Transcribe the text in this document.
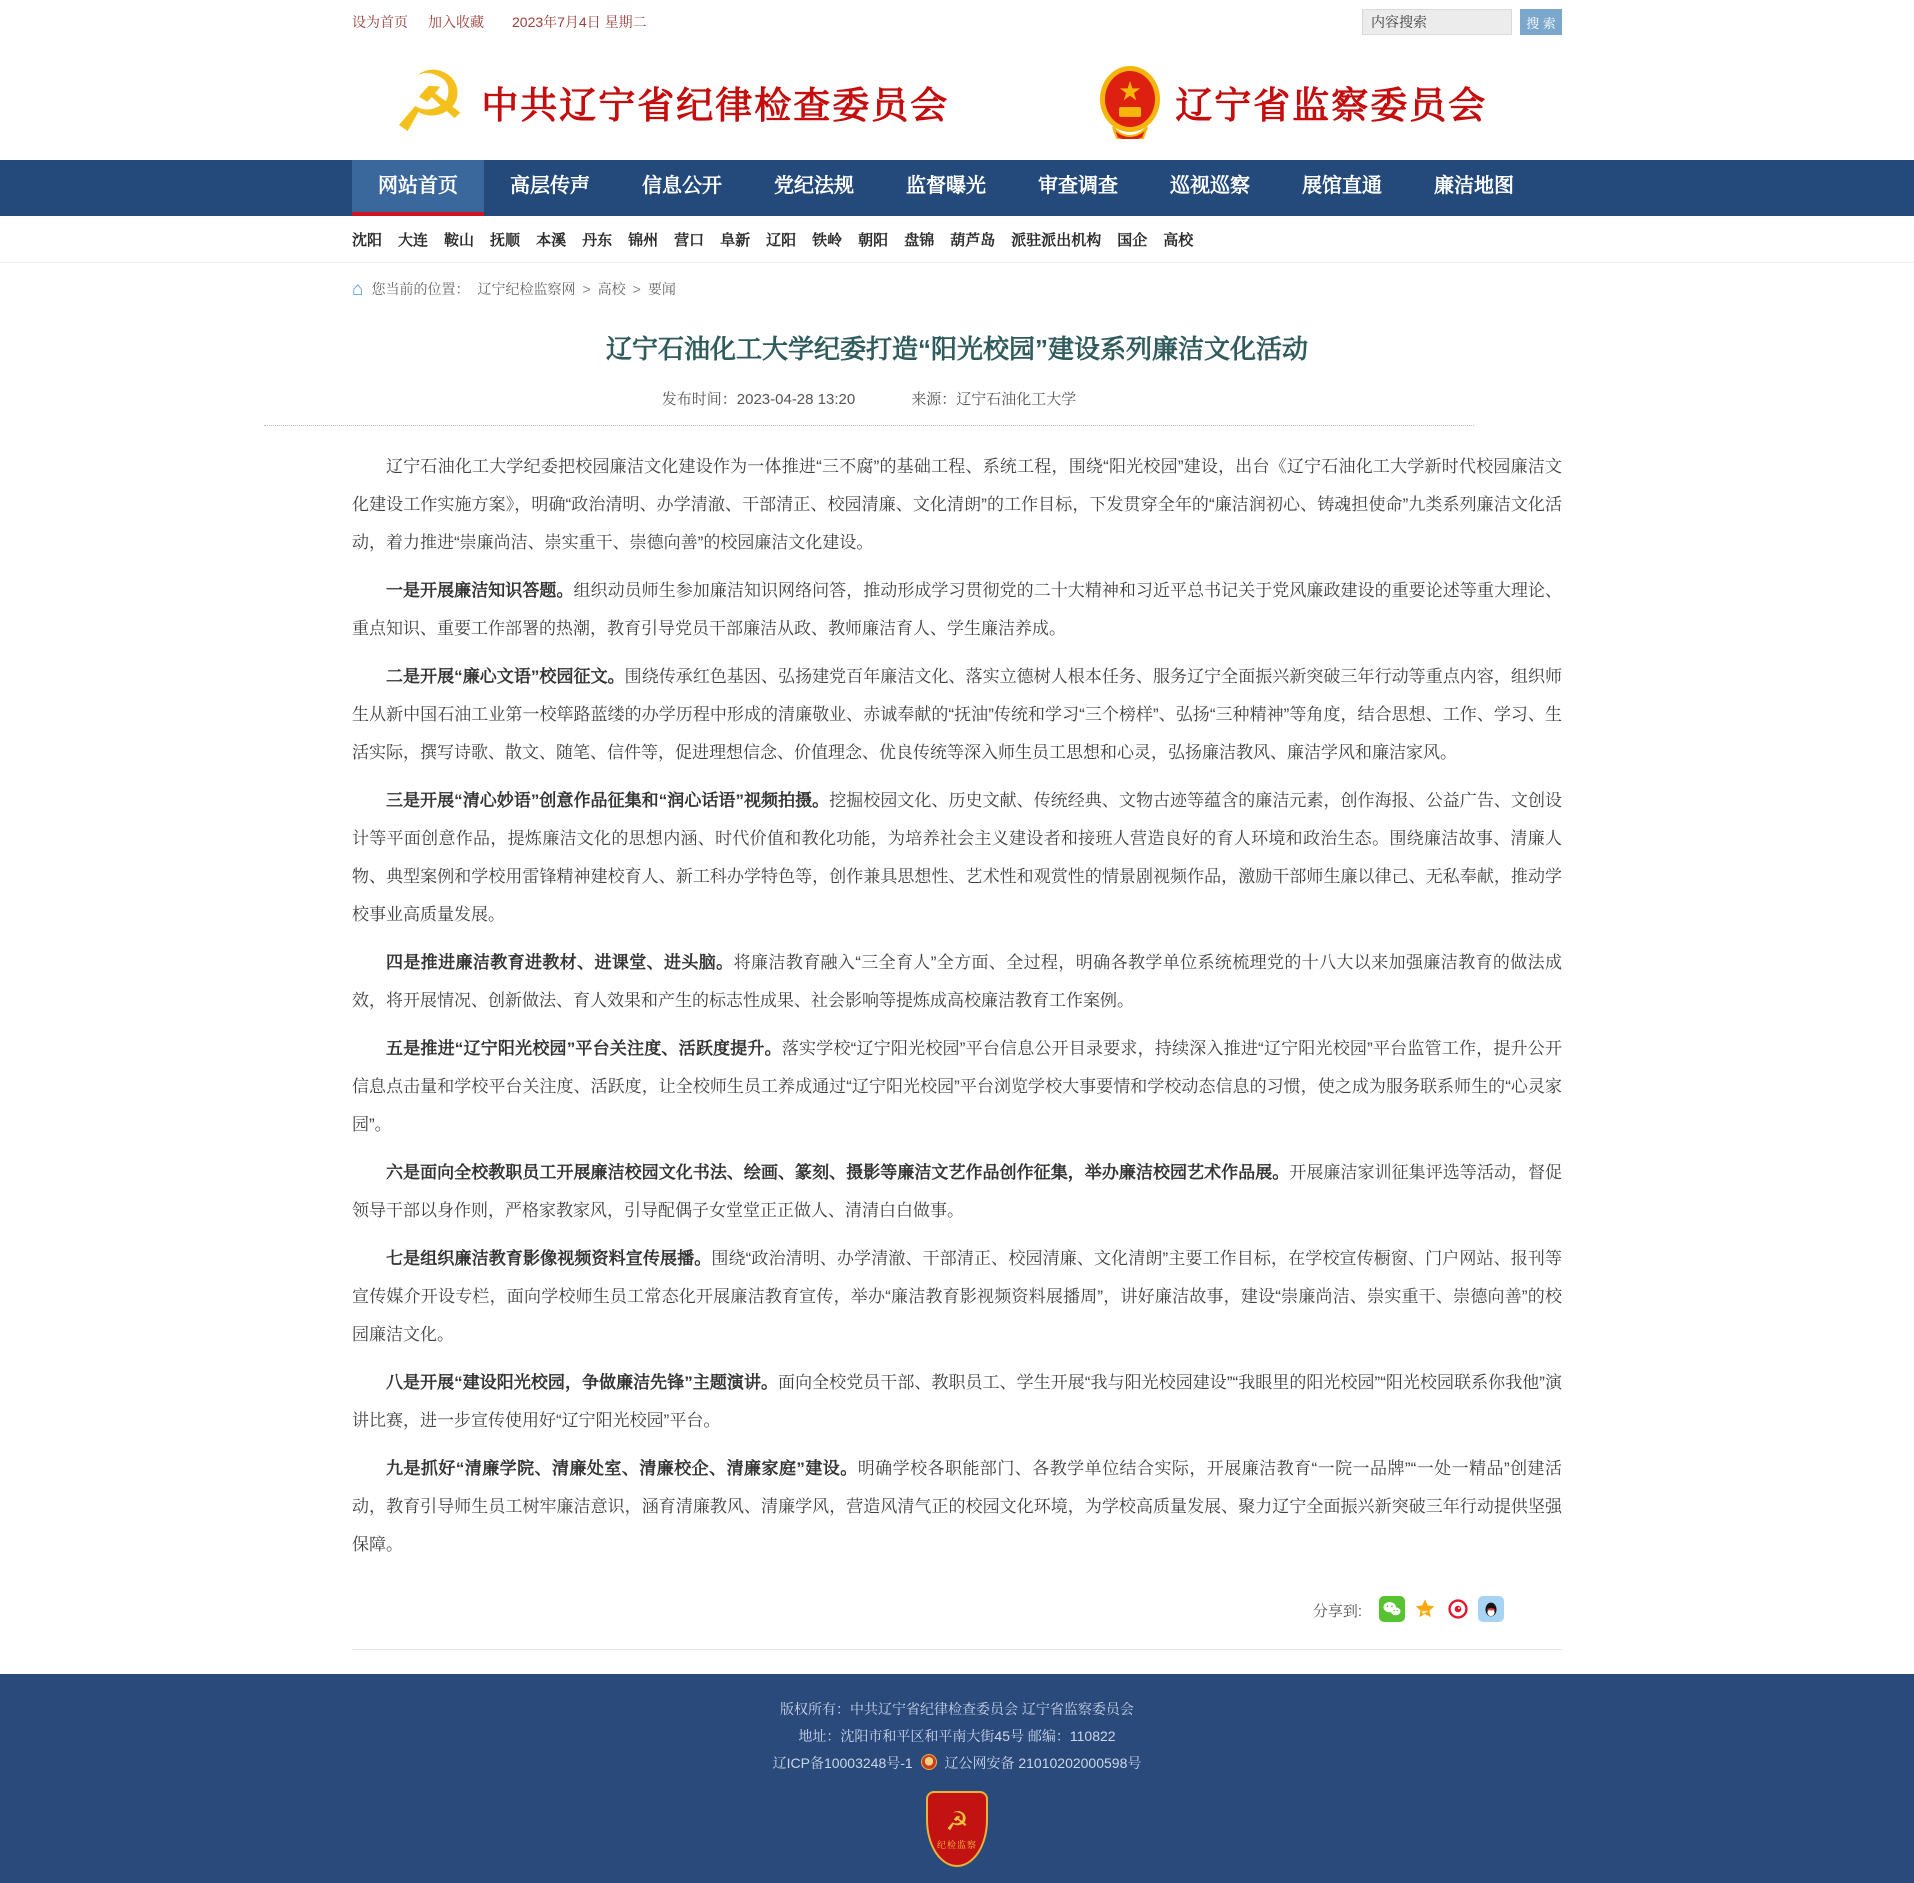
设为首页 加入收藏 2023年7月4日 星期二
内容搜索	搜 索
☭ 中共辽宁省纪律检查委员会	辽宁省监察委员会
网站首页	高层传声	信息公开	党纪法规	监督曝光	审查调查	巡视巡察	展馆直通	廉洁地图
沈阳 大连 鞍山 抚顺 本溪 丹东 锦州 营口 阜新 辽阳 铁岭 朝阳 盘锦 葫芦岛 派驻派出机构 国企 高校
⌂ 您当前的位置： 辽宁纪检监察网 > 高校 > 要闻
辽宁石油化工大学纪委打造“阳光校园”建设系列廉洁文化活动
发布时间：2023-04-28 13:20	来源：辽宁石油化工大学

辽宁石油化工大学纪委把校园廉洁文化建设作为一体推进“三不腐”的基础工程、系统工程，围绕“阳光校园”建设，出台《辽宁石油化工大学新时代校园廉洁文化建设工作实施方案》，明确“政治清明、办学清澈、干部清正、校园清廉、文化清朗”的工作目标，下发贯穿全年的“廉洁润初心、铸魂担使命”九类系列廉洁文化活动，着力推进“崇廉尚洁、崇实重干、崇德向善”的校园廉洁文化建设。

一是开展廉洁知识答题。组织动员师生参加廉洁知识网络问答，推动形成学习贯彻党的二十大精神和习近平总书记关于党风廉政建设的重要论述等重大理论、重点知识、重要工作部署的热潮，教育引导党员干部廉洁从政、教师廉洁育人、学生廉洁养成。

二是开展“廉心文语”校园征文。围绕传承红色基因、弘扬建党百年廉洁文化、落实立德树人根本任务、服务辽宁全面振兴新突破三年行动等重点内容，组织师生从新中国石油工业第一校筚路蓝缕的办学历程中形成的清廉敬业、赤诚奉献的“抚油”传统和学习“三个榜样”、弘扬“三种精神”等角度，结合思想、工作、学习、生活实际，撰写诗歌、散文、随笔、信件等，促进理想信念、价值理念、优良传统等深入师生员工思想和心灵，弘扬廉洁教风、廉洁学风和廉洁家风。

三是开展“清心妙语”创意作品征集和“润心话语”视频拍摄。挖掘校园文化、历史文献、传统经典、文物古迹等蕴含的廉洁元素，创作海报、公益广告、文创设计等平面创意作品，提炼廉洁文化的思想内涵、时代价值和教化功能，为培养社会主义建设者和接班人营造良好的育人环境和政治生态。围绕廉洁故事、清廉人物、典型案例和学校用雷锋精神建校育人、新工科办学特色等，创作兼具思想性、艺术性和观赏性的情景剧视频作品，激励干部师生廉以律己、无私奉献，推动学校事业高质量发展。

四是推进廉洁教育进教材、进课堂、进头脑。将廉洁教育融入“三全育人”全方面、全过程，明确各教学单位系统梳理党的十八大以来加强廉洁教育的做法成效，将开展情况、创新做法、育人效果和产生的标志性成果、社会影响等提炼成高校廉洁教育工作案例。

五是推进“辽宁阳光校园”平台关注度、活跃度提升。落实学校“辽宁阳光校园”平台信息公开目录要求，持续深入推进“辽宁阳光校园”平台监管工作，提升公开信息点击量和学校平台关注度、活跃度，让全校师生员工养成通过“辽宁阳光校园”平台浏览学校大事要情和学校动态信息的习惯，使之成为服务联系师生的“心灵家园”。

六是面向全校教职员工开展廉洁校园文化书法、绘画、篆刻、摄影等廉洁文艺作品创作征集，举办廉洁校园艺术作品展。开展廉洁家训征集评选等活动，督促领导干部以身作则，严格家教家风，引导配偶子女堂堂正正做人、清清白白做事。

七是组织廉洁教育影像视频资料宣传展播。围绕“政治清明、办学清澈、干部清正、校园清廉、文化清朗”主要工作目标，在学校宣传橱窗、门户网站、报刊等宣传媒介开设专栏，面向学校师生员工常态化开展廉洁教育宣传，举办“廉洁教育影视频资料展播周”，讲好廉洁故事，建设“崇廉尚洁、崇实重干、崇德向善”的校园廉洁文化。

八是开展“建设阳光校园，争做廉洁先锋”主题演讲。面向全校党员干部、教职员工、学生开展“我与阳光校园建设”“我眼里的阳光校园”“阳光校园联系你我他”演讲比赛，进一步宣传使用好“辽宁阳光校园”平台。

九是抓好“清廉学院、清廉处室、清廉校企、清廉家庭”建设。明确学校各职能部门、各教学单位结合实际，开展廉洁教育“一院一品牌”“一处一精品”创建活动，教育引导师生员工树牢廉洁意识，涵育清廉教风、清廉学风，营造风清气正的校园文化环境，为学校高质量发展、聚力辽宁全面振兴新突破三年行动提供坚强保障。

分享到:
版权所有：中共辽宁省纪律检查委员会 辽宁省监察委员会
地址：沈阳市和平区和平南大街45号 邮编：110822
辽ICP备10003248号-1 辽公网安备 21010202000598号
☭
纪检监察
